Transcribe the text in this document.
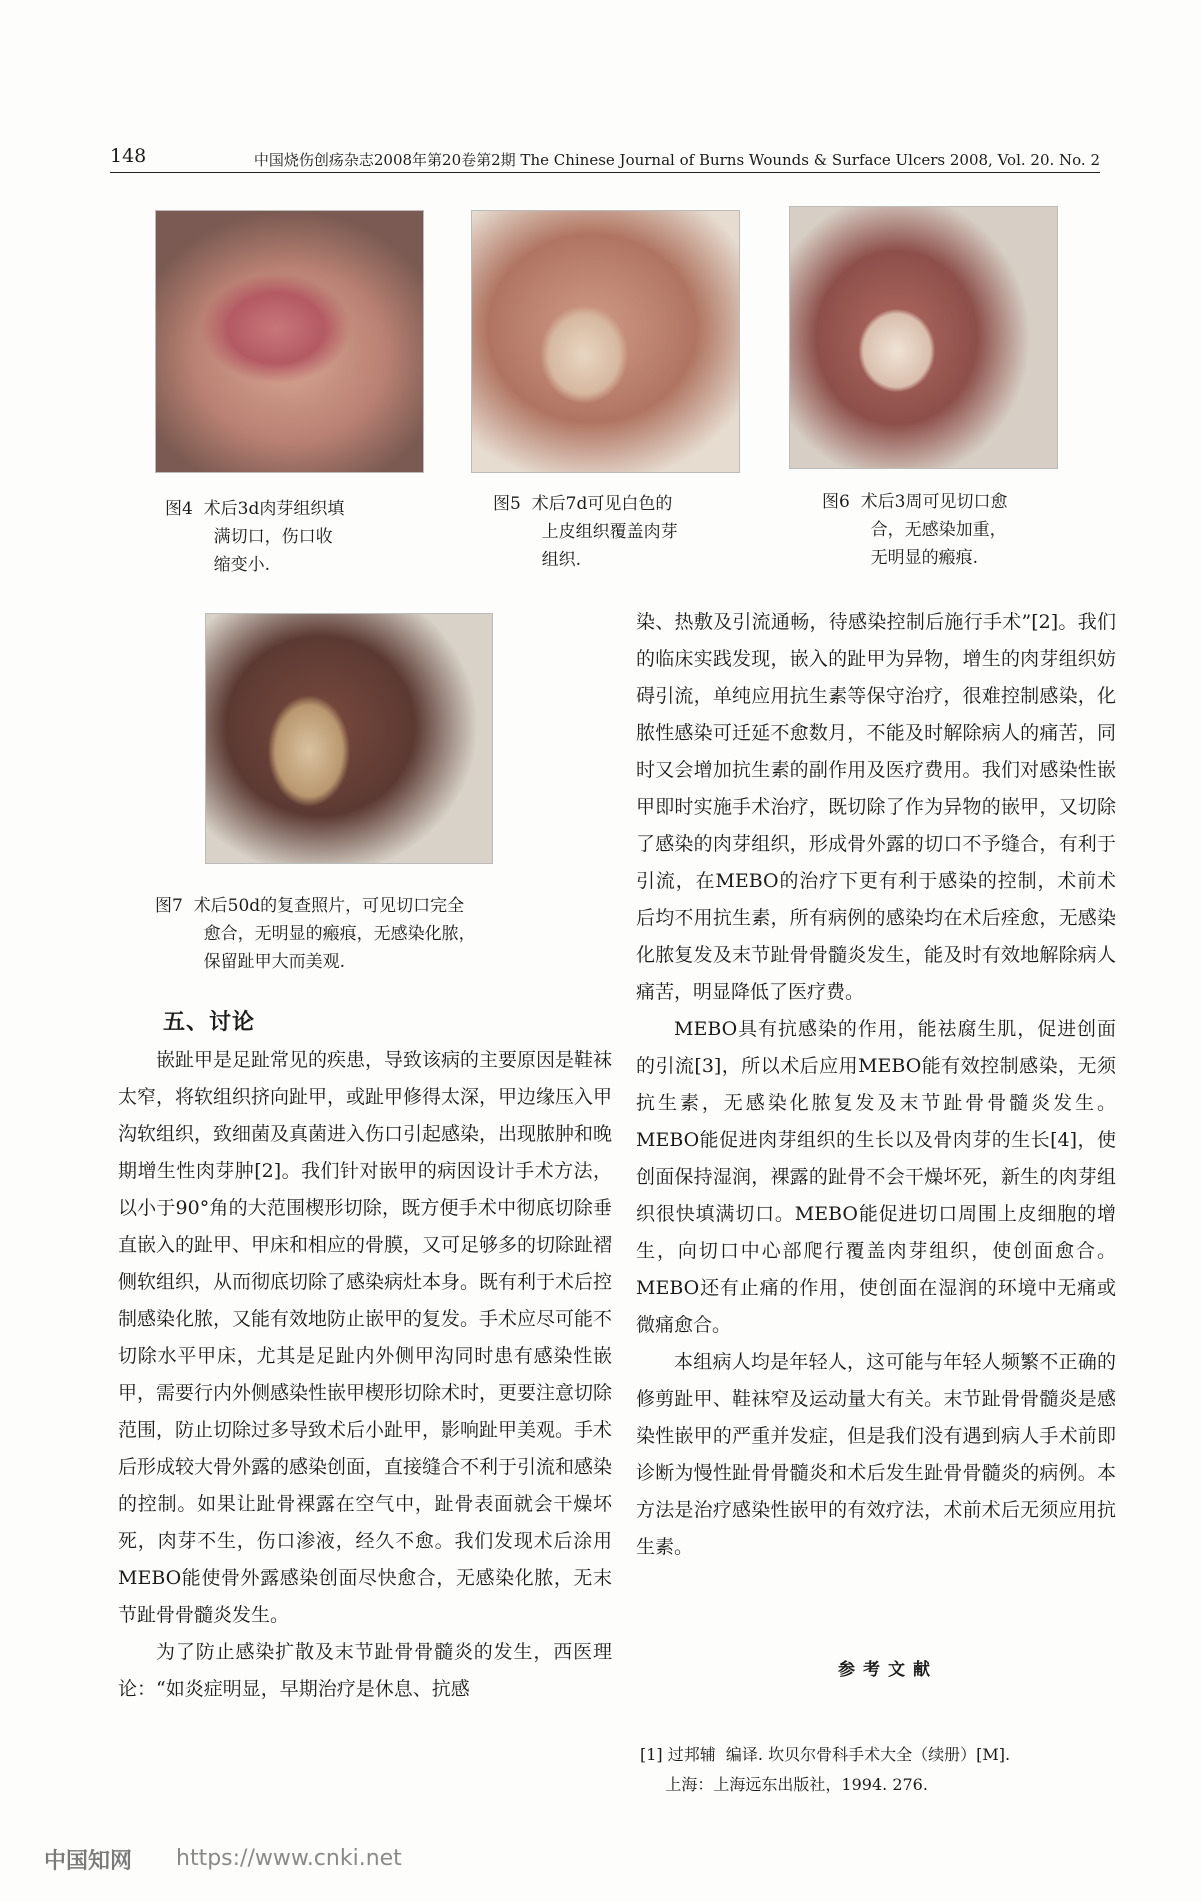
148	中国烧伤创疡杂志2008年第20卷第2期 The Chinese Journal of Burns Wounds & Surface Ulcers 2008, Vol. 20. No. 2
图4  术后3d肉芽组织填
满切口，伤口收
缩变小.
图5  术后7d可见白色的
上皮组织覆盖肉芽
组织.
图6  术后3周可见切口愈
合，无感染加重，
无明显的瘢痕.
图7  术后50d的复查照片，可见切口完全
愈合，无明显的瘢痕，无感染化脓，
保留趾甲大而美观.
五、讨论

嵌趾甲是足趾常见的疾患，导致该病的主要原因是鞋袜太窄，将软组织挤向趾甲，或趾甲修得太深，甲边缘压入甲沟软组织，致细菌及真菌进入伤口引起感染，出现脓肿和晚期增生性肉芽肿[2]。我们针对嵌甲的病因设计手术方法，以小于90°角的大范围楔形切除，既方便手术中彻底切除垂直嵌入的趾甲、甲床和相应的骨膜，又可足够多的切除趾褶侧软组织，从而彻底切除了感染病灶本身。既有利于术后控制感染化脓，又能有效地防止嵌甲的复发。手术应尽可能不切除水平甲床，尤其是足趾内外侧甲沟同时患有感染性嵌甲，需要行内外侧感染性嵌甲楔形切除术时，更要注意切除范围，防止切除过多导致术后小趾甲，影响趾甲美观。手术后形成较大骨外露的感染创面，直接缝合不利于引流和感染的控制。如果让趾骨裸露在空气中，趾骨表面就会干燥坏死，肉芽不生，伤口渗液，经久不愈。我们发现术后涂用MEBO能使骨外露感染创面尽快愈合，无感染化脓，无末节趾骨骨髓炎发生。

为了防止感染扩散及末节趾骨骨髓炎的发生，西医理论：“如炎症明显，早期治疗是休息、抗感

染、热敷及引流通畅，待感染控制后施行手术”[2]。我们的临床实践发现，嵌入的趾甲为异物，增生的肉芽组织妨碍引流，单纯应用抗生素等保守治疗，很难控制感染，化脓性感染可迁延不愈数月，不能及时解除病人的痛苦，同时又会增加抗生素的副作用及医疗费用。我们对感染性嵌甲即时实施手术治疗，既切除了作为异物的嵌甲，又切除了感染的肉芽组织，形成骨外露的切口不予缝合，有利于引流，在MEBO的治疗下更有利于感染的控制，术前术后均不用抗生素，所有病例的感染均在术后痊愈，无感染化脓复发及末节趾骨骨髓炎发生，能及时有效地解除病人痛苦，明显降低了医疗费。

MEBO具有抗感染的作用，能祛腐生肌，促进创面的引流[3]，所以术后应用MEBO能有效控制感染，无须抗生素，无感染化脓复发及末节趾骨骨髓炎发生。MEBO能促进肉芽组织的生长以及骨肉芽的生长[4]，使创面保持湿润，裸露的趾骨不会干燥坏死，新生的肉芽组织很快填满切口。MEBO能促进切口周围上皮细胞的增生，向切口中心部爬行覆盖肉芽组织，使创面愈合。MEBO还有止痛的作用，使创面在湿润的环境中无痛或微痛愈合。

本组病人均是年轻人，这可能与年轻人频繁不正确的修剪趾甲、鞋袜窄及运动量大有关。末节趾骨骨髓炎是感染性嵌甲的严重并发症，但是我们没有遇到病人手术前即诊断为慢性趾骨骨髓炎和术后发生趾骨骨髓炎的病例。本方法是治疗感染性嵌甲的有效疗法，术前术后无须应用抗生素。

参考文献
[1] 过邦辅  编译. 坎贝尔骨科手术大全（续册）[M].
上海：上海远东出版社，1994. 276.
中国知网 https://www.cnki.net
